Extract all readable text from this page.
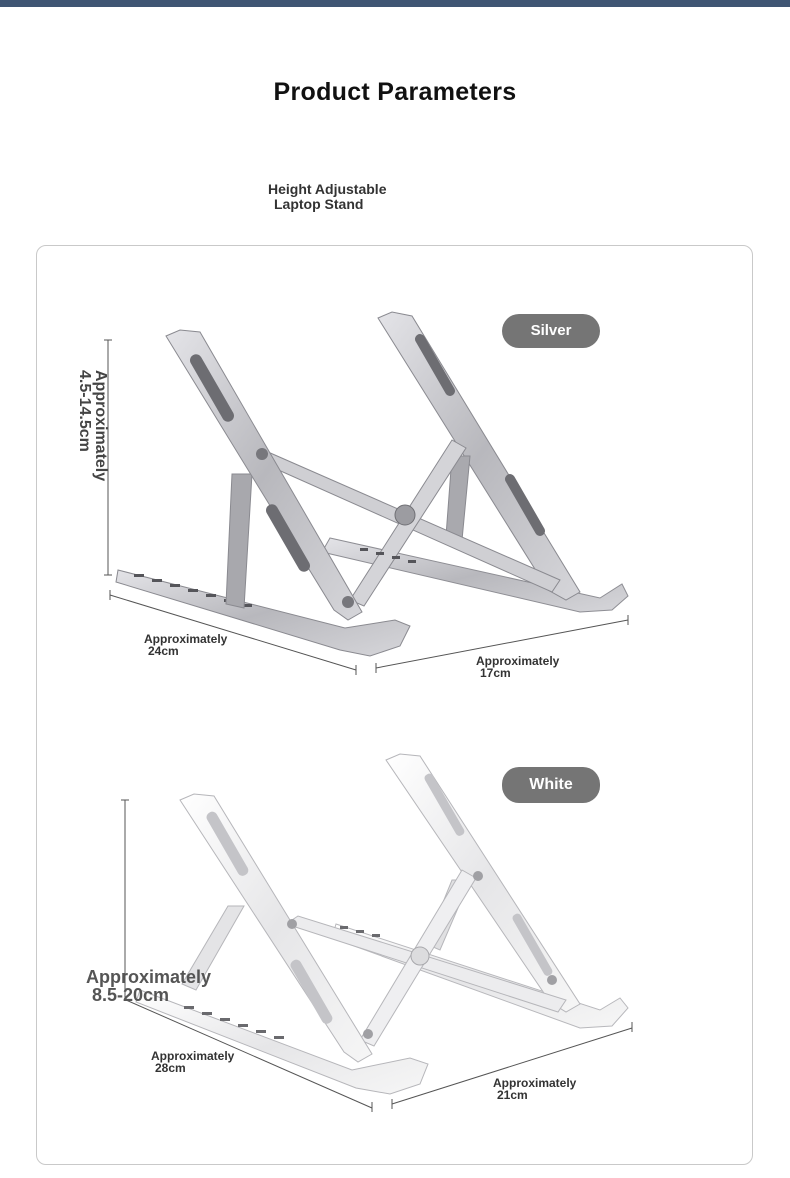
Product Parameters
Height Adjustable
Laptop Stand
Silver
Approximately
4.5-14.5cm
Approximately
24cm
Approximately
17cm
White
Approximately
8.5-20cm
Approximately
28cm
Approximately
21cm
